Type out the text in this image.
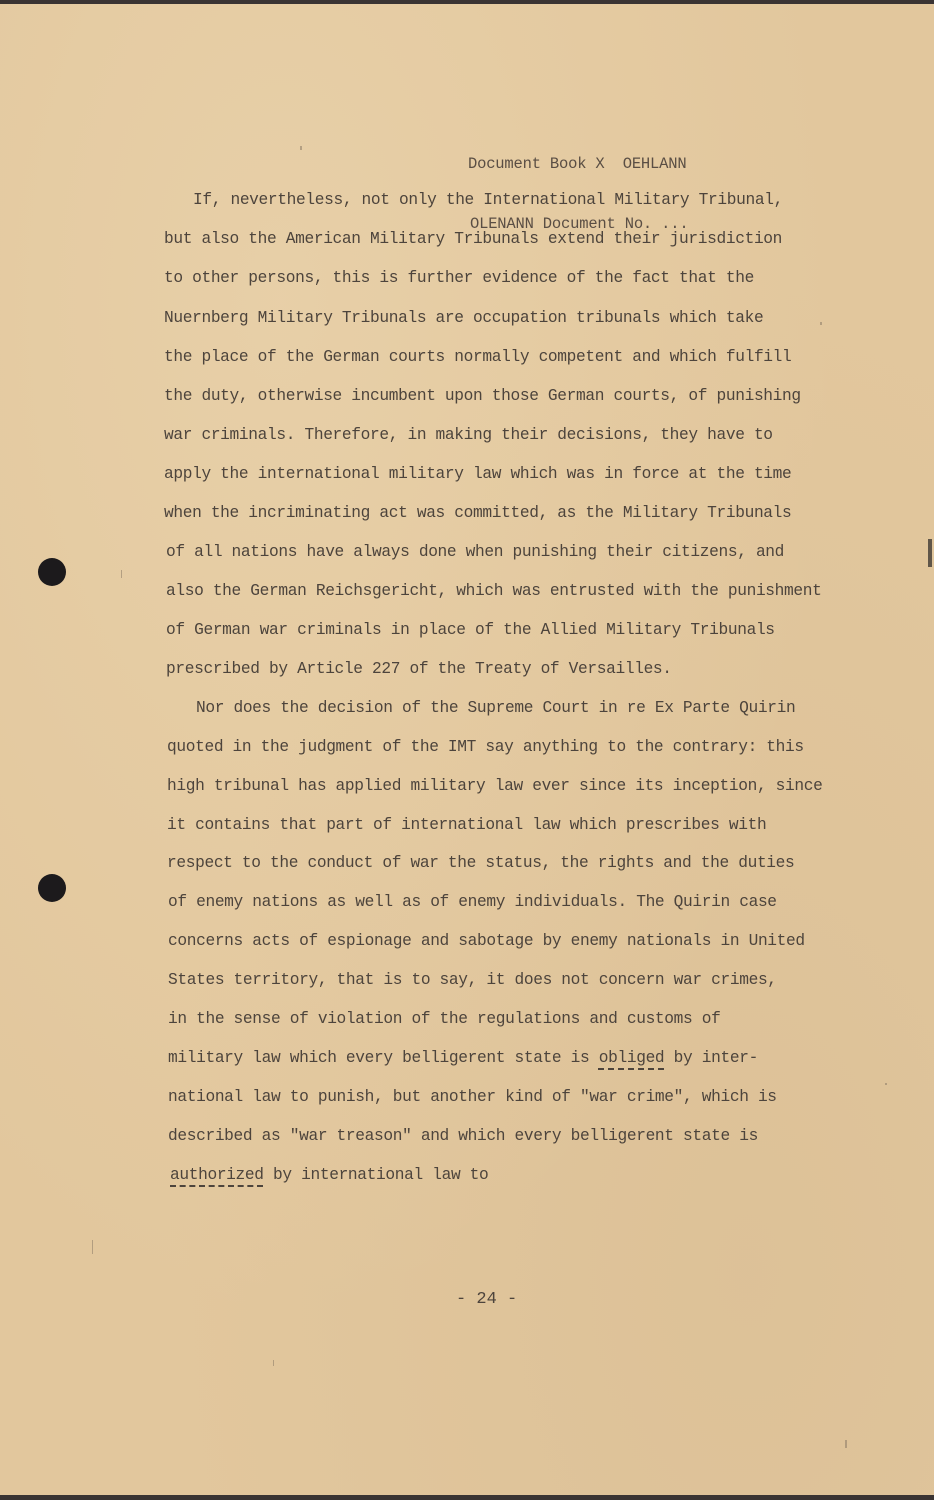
Document Book X  OEHLANN

OLENANN Document No. ...

If, nevertheless, not only the International Military Tribunal,
but also the American Military Tribunals extend their jurisdiction
to other persons, this is further evidence of the fact that the
Nuernberg Military Tribunals are occupation tribunals which take
the place of the German courts normally competent and which fulfill
the duty, otherwise incumbent upon those German courts, of punishing
war criminals. Therefore, in making their decisions, they have to
apply the international military law which was in force at the time
when the incriminating act was committed, as the Military Tribunals
of all nations have always done when punishing their citizens, and
also the German Reichsgericht, which was entrusted with the punishment
of German war criminals in place of the Allied Military Tribunals
prescribed by Article 227 of the Treaty of Versailles.
Nor does the decision of the Supreme Court in re Ex Parte Quirin
quoted in the judgment of the IMT say anything to the contrary: this
high tribunal has applied military law ever since its inception, since
it contains that part of international law which prescribes with
respect to the conduct of war the status, the rights and the duties
of enemy nations as well as of enemy individuals. The Quirin case
concerns acts of espionage and sabotage by enemy nationals in United
States territory, that is to say, it does not concern war crimes,
in the sense of violation of the regulations and customs of
military law which every belligerent state is obliged by inter-
national law to punish, but another kind of "war crime", which is
described as "war treason" and which every belligerent state is
authorized by international law to
- 24 -
